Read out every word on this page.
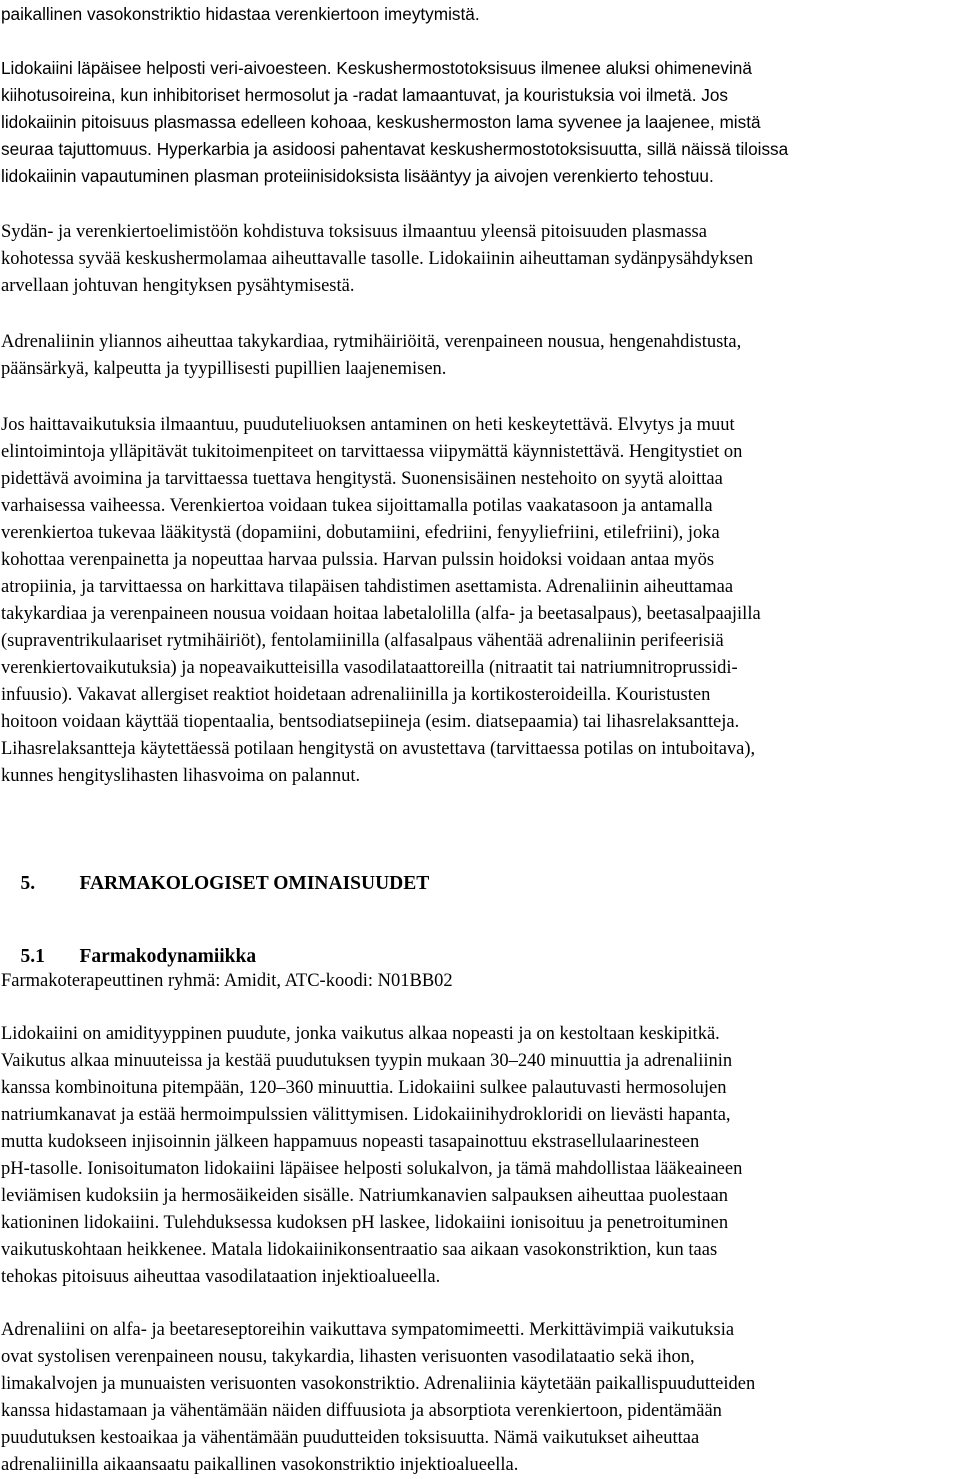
paikallinen vasokonstriktio hidastaa verenkiertoon imeytymistä.
Lidokaiini läpäisee helposti veri-aivoesteen. Keskushermostotoksisuus ilmenee aluksi ohimenevinä
kiihotusoireina, kun inhibitoriset hermosolut ja -radat lamaantuvat, ja kouristuksia voi ilmetä. Jos
lidokaiinin pitoisuus plasmassa edelleen kohoaa, keskushermoston lama syvenee ja laajenee, mistä
seuraa tajuttomuus. Hyperkarbia ja asidoosi pahentavat keskushermostotoksisuutta, sillä näissä tiloissa
lidokaiinin vapautuminen plasman proteiinisidoksista lisääntyy ja aivojen verenkierto tehostuu.
Sydän- ja verenkiertoelimistöön kohdistuva toksisuus ilmaantuu yleensä pitoisuuden plasmassa
kohotessa syvää keskushermolamaa aiheuttavalle tasolle. Lidokaiinin aiheuttaman sydänpysähdyksen
arvellaan johtuvan hengityksen pysähtymisestä.
Adrenaliinin yliannos aiheuttaa takykardiaa, rytmihäiriöitä, verenpaineen nousua, hengenahdistusta,
päänsärkyä, kalpeutta ja tyypillisesti pupillien laajenemisen.
Jos haittavaikutuksia ilmaantuu, puuduteliuoksen antaminen on heti keskeytettävä. Elvytys ja muut
elintoimintoja ylläpitävät tukitoimenpiteet on tarvittaessa viipymättä käynnistettävä. Hengitystiet on
pidettävä avoimina ja tarvittaessa tuettava hengitystä. Suonensisäinen nestehoito on syytä aloittaa
varhaisessa vaiheessa. Verenkiertoa voidaan tukea sijoittamalla potilas vaakatasoon ja antamalla
verenkiertoa tukevaa lääkitystä (dopamiini, dobutamiini, efedriini, fenyyliefriini, etilefriini), joka
kohottaa verenpainetta ja nopeuttaa harvaa pulssia. Harvan pulssin hoidoksi voidaan antaa myös
atropiinia, ja tarvittaessa on harkittava tilapäisen tahdistimen asettamista. Adrenaliinin aiheuttamaa
takykardiaa ja verenpaineen nousua voidaan hoitaa labetalolilla (alfa- ja beetasalpaus), beetasalpaajilla
(supraventrikulaariset rytmihäiriöt), fentolamiinilla (alfasalpaus vähentää adrenaliinin perifeerisiä
verenkiertovaikutuksia) ja nopeavaikutteisilla vasodilataattoreilla (nitraatit tai natriumnitroprussidi-
infuusio). Vakavat allergiset reaktiot hoidetaan adrenaliinilla ja kortikosteroideilla. Kouristusten
hoitoon voidaan käyttää tiopentaalia, bentsodiatsepiineja (esim. diatsepaamia) tai lihasrelaksantteja.
Lihasrelaksantteja käytettäessä potilaan hengitystä on avustettava (tarvittaessa potilas on intuboitava),
kunnes hengityslihasten lihasvoima on palannut.

5. FARMAKOLOGISET OMINAISUUDET

5.1 Farmakodynamiikka

Farmakoterapeuttinen ryhmä: Amidit, ATC-koodi: N01BB02
Lidokaiini on amidityyppinen puudute, jonka vaikutus alkaa nopeasti ja on kestoltaan keskipitkä.
Vaikutus alkaa minuuteissa ja kestää puudutuksen tyypin mukaan 30–240 minuuttia ja adrenaliinin
kanssa kombinoituna pitempään, 120–360 minuuttia. Lidokaiini sulkee palautuvasti hermosolujen
natriumkanavat ja estää hermoimpulssien välittymisen. Lidokaiinihydrokloridi on lievästi hapanta,
mutta kudokseen injisoinnin jälkeen happamuus nopeasti tasapainottuu ekstrasellulaarinesteen
pH-tasolle. Ionisoitumaton lidokaiini läpäisee helposti solukalvon, ja tämä mahdollistaa lääkeaineen
leviämisen kudoksiin ja hermosäikeiden sisälle. Natriumkanavien salpauksen aiheuttaa puolestaan
kationinen lidokaiini. Tulehduksessa kudoksen pH laskee, lidokaiini ionisoituu ja penetroituminen
vaikutuskohtaan heikkenee. Matala lidokaiinikonsentraatio saa aikaan vasokonstriktion, kun taas
tehokas pitoisuus aiheuttaa vasodilataation injektioalueella.
Adrenaliini on alfa- ja beetareseptoreihin vaikuttava sympatomimeetti. Merkittävimpiä vaikutuksia
ovat systolisen verenpaineen nousu, takykardia, lihasten verisuonten vasodilataatio sekä ihon,
limakalvojen ja munuaisten verisuonten vasokonstriktio. Adrenaliinia käytetään paikallispuudutteiden
kanssa hidastamaan ja vähentämään näiden diffuusiota ja absorptiota verenkiertoon, pidentämään
puudutuksen kestoaikaa ja vähentämään puudutteiden toksisuutta. Nämä vaikutukset aiheuttaa
adrenaliinilla aikaansaatu paikallinen vasokonstriktio injektioalueella.
